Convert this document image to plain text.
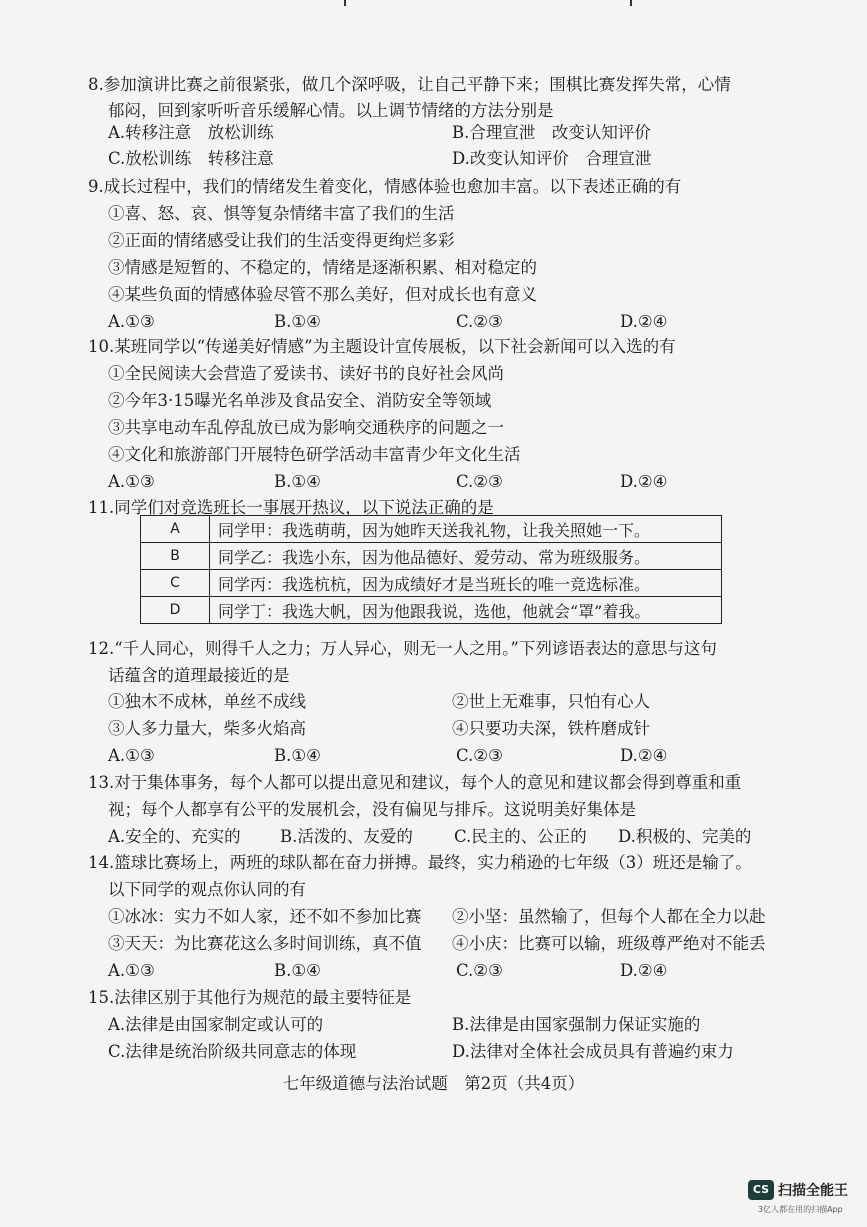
8.参加演讲比赛之前很紧张，做几个深呼吸，让自己平静下来；围棋比赛发挥失常，心情
郁闷，回到家听听音乐缓解心情。以上调节情绪的方法分别是
A.转移注意　放松训练	B.合理宣泄　改变认知评价
C.放松训练　转移注意	D.改变认知评价　合理宣泄
9.成长过程中，我们的情绪发生着变化，情感体验也愈加丰富。以下表述正确的有
①喜、怒、哀、惧等复杂情绪丰富了我们的生活
②正面的情绪感受让我们的生活变得更绚烂多彩
③情感是短暂的、不稳定的，情绪是逐渐积累、相对稳定的
④某些负面的情感体验尽管不那么美好，但对成长也有意义
A.①③	B.①④	C.②③	D.②④
10.某班同学以“传递美好情感”为主题设计宣传展板，以下社会新闻可以入选的有
①全民阅读大会营造了爱读书、读好书的良好社会风尚
②今年3·15曝光名单涉及食品安全、消防安全等领域
③共享电动车乱停乱放已成为影响交通秩序的问题之一
④文化和旅游部门开展特色研学活动丰富青少年文化生活
A.①③	B.①④	C.②③	D.②④
11.同学们对竞选班长一事展开热议，以下说法正确的是
A	同学甲：我选萌萌，因为她昨天送我礼物，让我关照她一下。
B	同学乙：我选小东，因为他品德好、爱劳动、常为班级服务。
C	同学丙：我选杭杭，因为成绩好才是当班长的唯一竞选标准。
D	同学丁：我选大帆，因为他跟我说，选他，他就会“罩”着我。
12.“千人同心，则得千人之力；万人异心，则无一人之用。”下列谚语表达的意思与这句
话蕴含的道理最接近的是
①独木不成林，单丝不成线	②世上无难事，只怕有心人
③人多力量大，柴多火焰高	④只要功夫深，铁杵磨成针
A.①③	B.①④	C.②③	D.②④
13.对于集体事务，每个人都可以提出意见和建议，每个人的意见和建议都会得到尊重和重
视；每个人都享有公平的发展机会，没有偏见与排斥。这说明美好集体是
A.安全的、充实的 B.活泼的、友爱的 C.民主的、公正的 D.积极的、完美的
14.篮球比赛场上，两班的球队都在奋力拼搏。最终，实力稍逊的七年级（3）班还是输了。
以下同学的观点你认同的有
①冰冰：实力不如人家，还不如不参加比赛 ②小坚：虽然输了，但每个人都在全力以赴
③天天：为比赛花这么多时间训练，真不值 ④小庆：比赛可以输，班级尊严绝对不能丢
A.①③	B.①④	C.②③	D.②④
15.法律区别于其他行为规范的最主要特征是
A.法律是由国家制定或认可的	B.法律是由国家强制力保证实施的
C.法律是统治阶级共同意志的体现	D.法律对全体社会成员具有普遍约束力
七年级道德与法治试题　第2页（共4页）
CS 扫描全能王
3亿人都在用的扫描App
